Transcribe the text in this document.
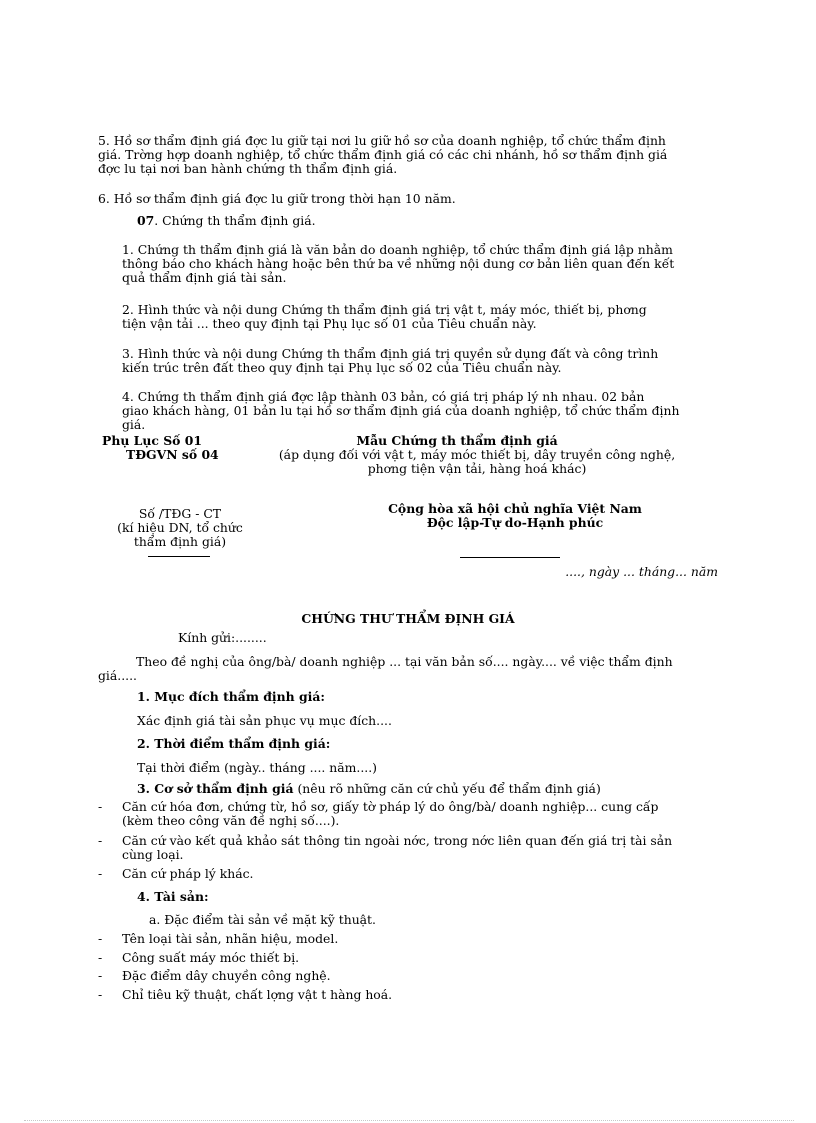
5. Hồ sơ thẩm định giá đợc lu giữ tại nơi lu giữ hồ sơ của doanh nghiệp, tổ chức thẩm định
giá. Trờng hợp doanh nghiệp, tổ chức thẩm định giá có các chi nhánh, hồ sơ thẩm định giá
đợc lu tại nơi ban hành chứng th thẩm định giá.
6. Hồ sơ thẩm định giá đợc lu giữ trong thời hạn 10 năm.
07. Chứng th thẩm định giá.
1. Chứng th thẩm định giá là văn bản do doanh nghiệp, tổ chức thẩm định giá lập nhằm
thông báo cho khách hàng hoặc bên thứ ba về những nội dung cơ bản liên quan đến kết
quả thẩm định giá tài sản.
2. Hình thức và nội dung Chứng th thẩm định giá trị vật t, máy móc, thiết bị, phơng
tiện vận tải ... theo quy định tại Phụ lục số 01 của Tiêu chuẩn này.
3. Hình thức và nội dung Chứng th thẩm định giá trị quyền sử dụng đất và công trình
kiến trúc trên đất theo quy định tại Phụ lục số 02 của Tiêu chuẩn này.
4. Chứng th thẩm định giá đợc lập thành 03 bản, có giá trị pháp lý nh nhau. 02 bản
giao khách hàng, 01 bản lu tại hồ sơ thẩm định giá của doanh nghiệp, tổ chức thẩm định
giá.
Phụ Lục Số 01
TĐGVN số 04
Mẫu Chứng th thẩm định giá
(áp dụng đối với vật t, máy móc thiết bị, dây truyền công nghệ,
phơng tiện vận tải, hàng hoá khác)
Số /TĐG - CT
(kí hiệu DN, tổ chức
thẩm định giá)
Cộng hòa xã hội chủ nghĩa Việt Nam
Độc lập-Tự do-Hạnh phúc
...., ngày ... tháng... năm
CHỨNG THƯ THẨM ĐỊNH GIÁ
Kính gửi:........
Theo đề nghị của ông/bà/ doanh nghiệp ... tại văn bản số.... ngày.... về việc thẩm định
giá.....
1. Mục đích thẩm định giá:
Xác định giá tài sản phục vụ mục đích....
2. Thời điểm thẩm định giá:
Tại thời điểm (ngày.. tháng .... năm....)
3. Cơ sở thẩm định giá (nêu rõ những căn cứ chủ yếu để thẩm định giá)
-	Căn cứ hóa đơn, chứng từ, hồ sơ, giấy tờ pháp lý do ông/bà/ doanh nghiệp... cung cấp
(kèm theo công văn đề nghị số....).
-	Căn cứ vào kết quả khảo sát thông tin ngoài nớc, trong nớc liên quan đến giá trị tài sản
cùng loại.
-	Căn cứ pháp lý khác.
4. Tài sản:
a. Đặc điểm tài sản về mặt kỹ thuật.
-	Tên loại tài sản, nhãn hiệu, model.
-	Công suất máy móc thiết bị.
-	Đặc điểm dây chuyền công nghệ.
-	Chỉ tiêu kỹ thuật, chất lợng vật t hàng hoá.
